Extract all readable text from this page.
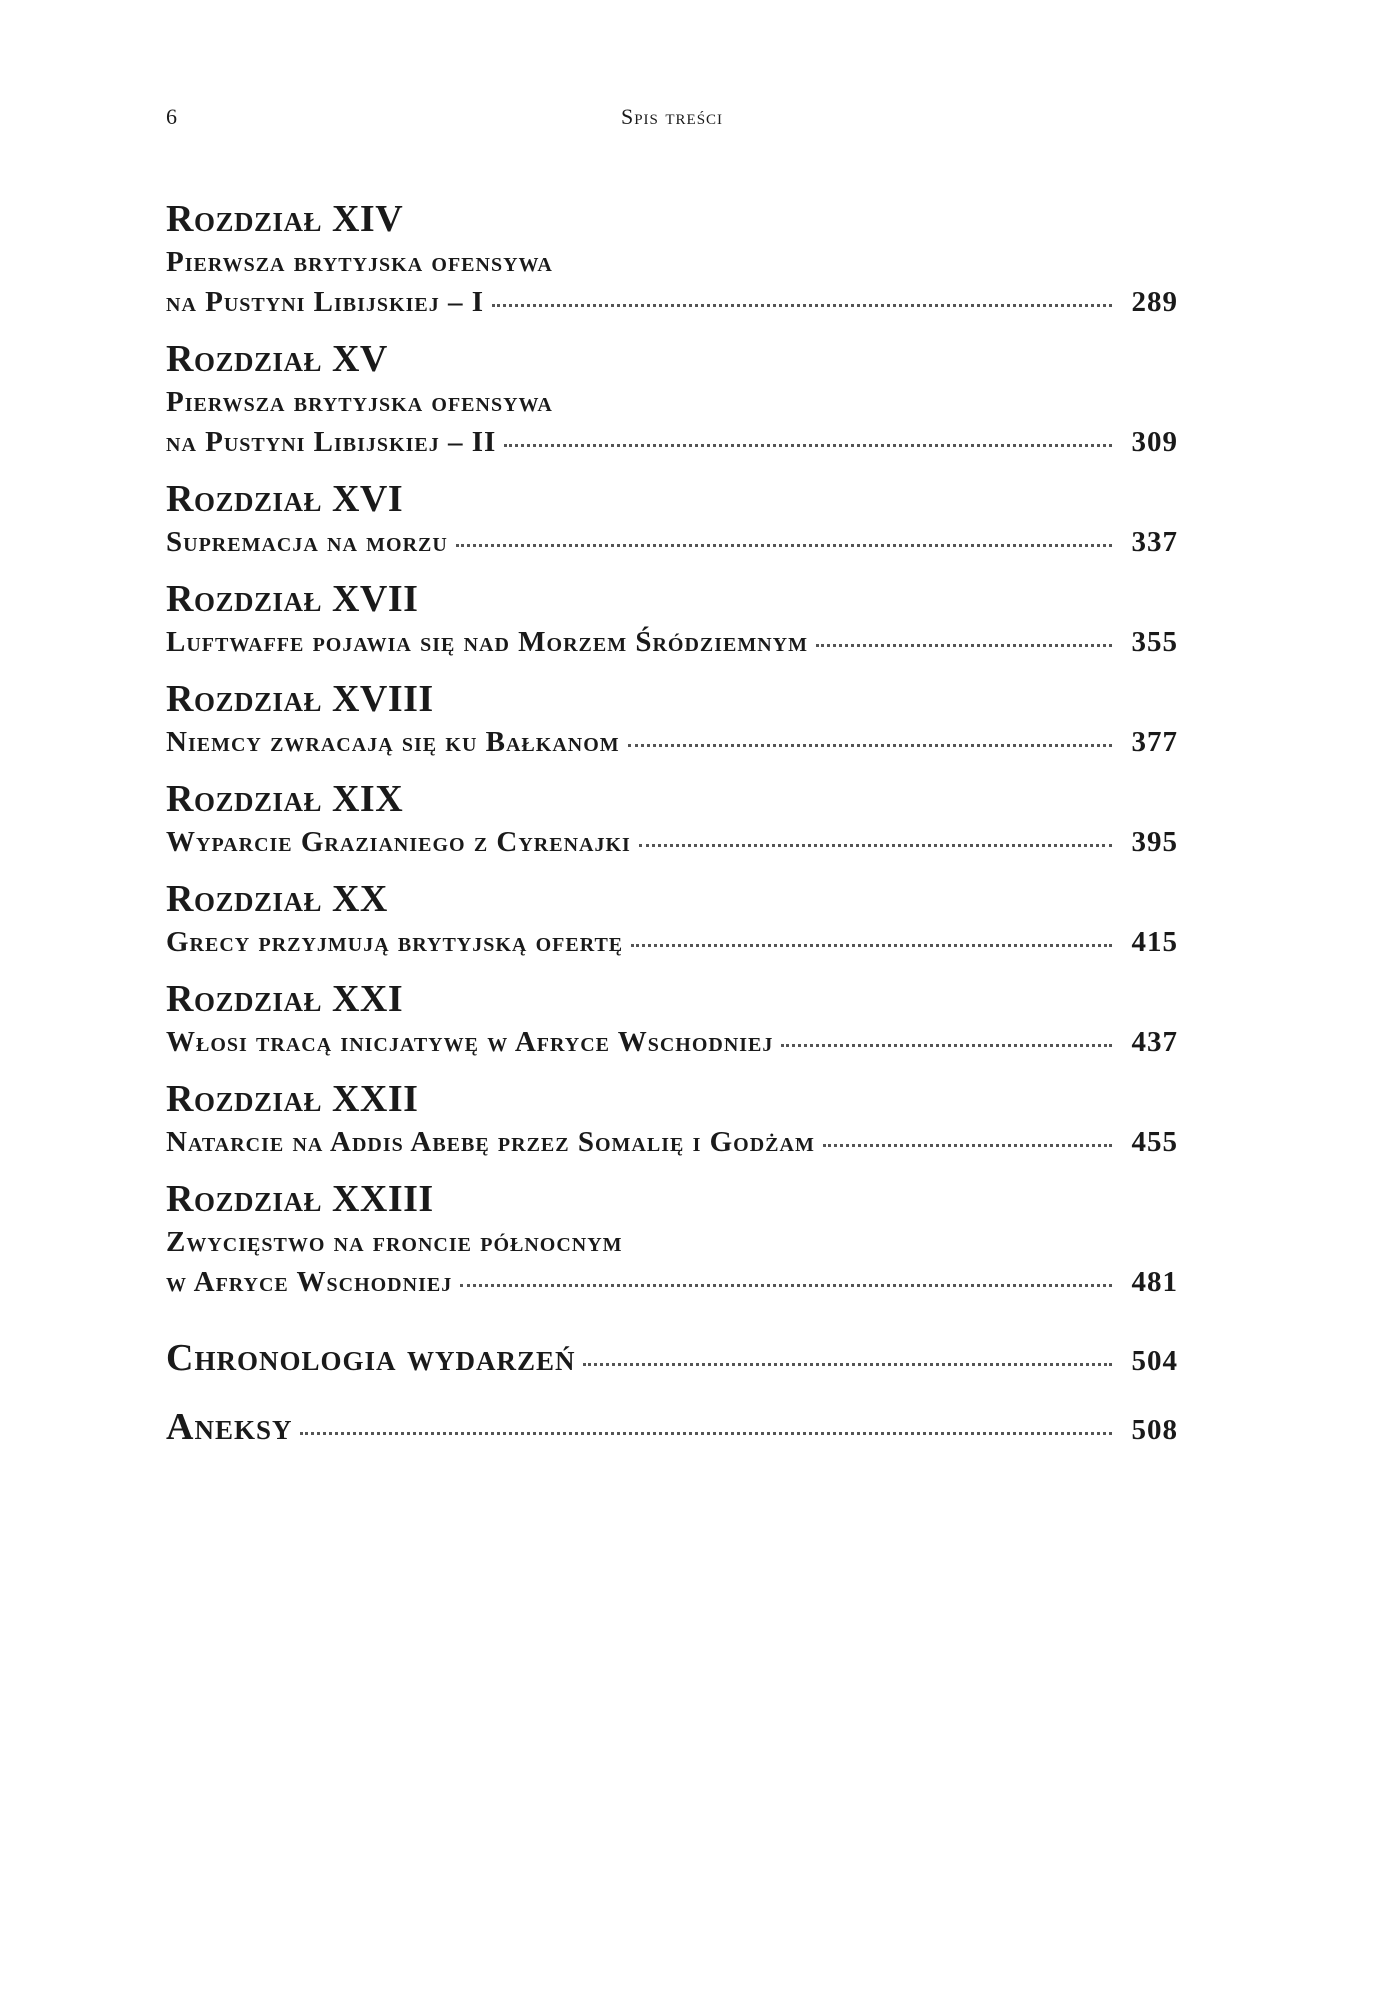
6	Spis treści
Rozdział XIV
Pierwsza brytyjska ofensywa
na Pustyni Libijskiej – I	289
Rozdział XV
Pierwsza brytyjska ofensywa
na Pustyni Libijskiej – II	309
Rozdział XVI
Supremacja na morzu	337
Rozdział XVII
Luftwaffe pojawia się nad Morzem Śródziemnym	355
Rozdział XVIII
Niemcy zwracają się ku Bałkanom	377
Rozdział XIX
Wyparcie Grazianiego z Cyrenajki	395
Rozdział XX
Grecy przyjmują brytyjską ofertę	415
Rozdział XXI
Włosi tracą inicjatywę w Afryce Wschodniej	437
Rozdział XXII
Natarcie na Addis Abebę przez Somalię i Godżam	455
Rozdział XXIII
Zwycięstwo na froncie północnym
w Afryce Wschodniej	481
Chronologia wydarzeń	504
Aneksy	508
